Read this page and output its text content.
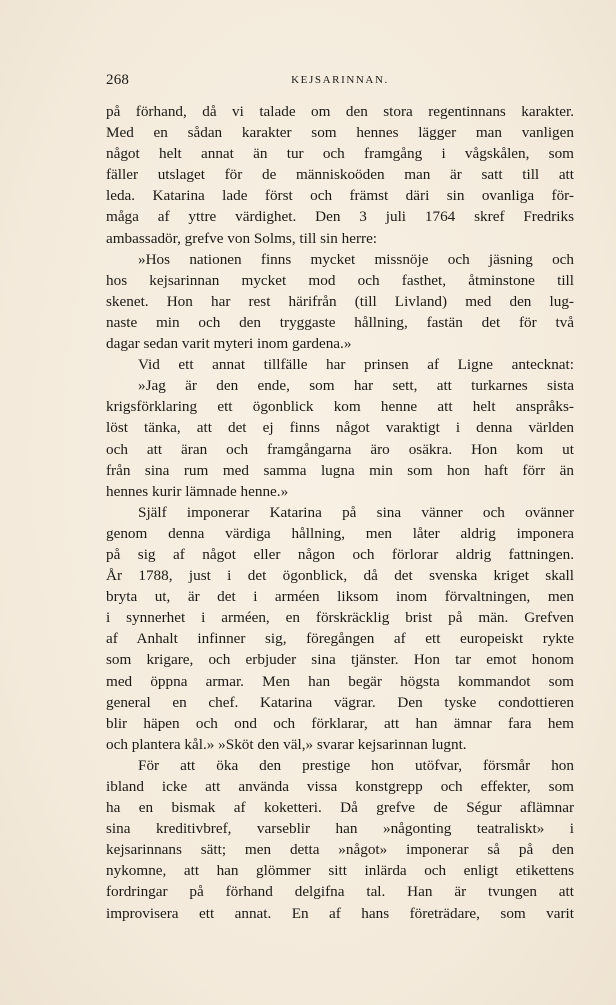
268	KEJSARINNAN.
på förhand, då vi talade om den stora regentinnans karakter.
Med en sådan karakter som hennes lägger man vanligen
något helt annat än tur och framgång i vågskålen, som
fäller utslaget för de människoöden man är satt till att
leda. Katarina lade först och främst däri sin ovanliga för-
måga af yttre värdighet. Den 3 juli 1764 skref Fredriks
ambassadör, grefve von Solms, till sin herre:
»Hos nationen finns mycket missnöje och jäsning och
hos kejsarinnan mycket mod och fasthet, åtminstone till
skenet. Hon har rest härifrån (till Livland) med den lug-
naste min och den tryggaste hållning, fastän det för två
dagar sedan varit myteri inom gardena.»
Vid ett annat tillfälle har prinsen af Ligne antecknat:
»Jag är den ende, som har sett, att turkarnes sista
krigsförklaring ett ögonblick kom henne att helt anspråks-
löst tänka, att det ej finns något varaktigt i denna världen
och att äran och framgångarna äro osäkra. Hon kom ut
från sina rum med samma lugna min som hon haft förr än
hennes kurir lämnade henne.»
Själf imponerar Katarina på sina vänner och ovänner
genom denna värdiga hållning, men låter aldrig imponera
på sig af något eller någon och förlorar aldrig fattningen.
År 1788, just i det ögonblick, då det svenska kriget skall
bryta ut, är det i arméen liksom inom förvaltningen, men
i synnerhet i arméen, en förskräcklig brist på män. Grefven
af Anhalt infinner sig, föregången af ett europeiskt rykte
som krigare, och erbjuder sina tjänster. Hon tar emot honom
med öppna armar. Men han begär högsta kommandot som
general en chef. Katarina vägrar. Den tyske condottieren
blir häpen och ond och förklarar, att han ämnar fara hem
och plantera kål.» »Sköt den väl,» svarar kejsarinnan lugnt.
För att öka den prestige hon utöfvar, försmår hon
ibland icke att använda vissa konstgrepp och effekter, som
ha en bismak af koketteri. Då grefve de Ségur aflämnar
sina kreditivbref, varseblir han »någonting teatraliskt» i
kejsarinnans sätt; men detta »något» imponerar så på den
nykomne, att han glömmer sitt inlärda och enligt etikettens
fordringar på förhand delgifna tal. Han är tvungen att
improvisera ett annat. En af hans företrädare, som varit
